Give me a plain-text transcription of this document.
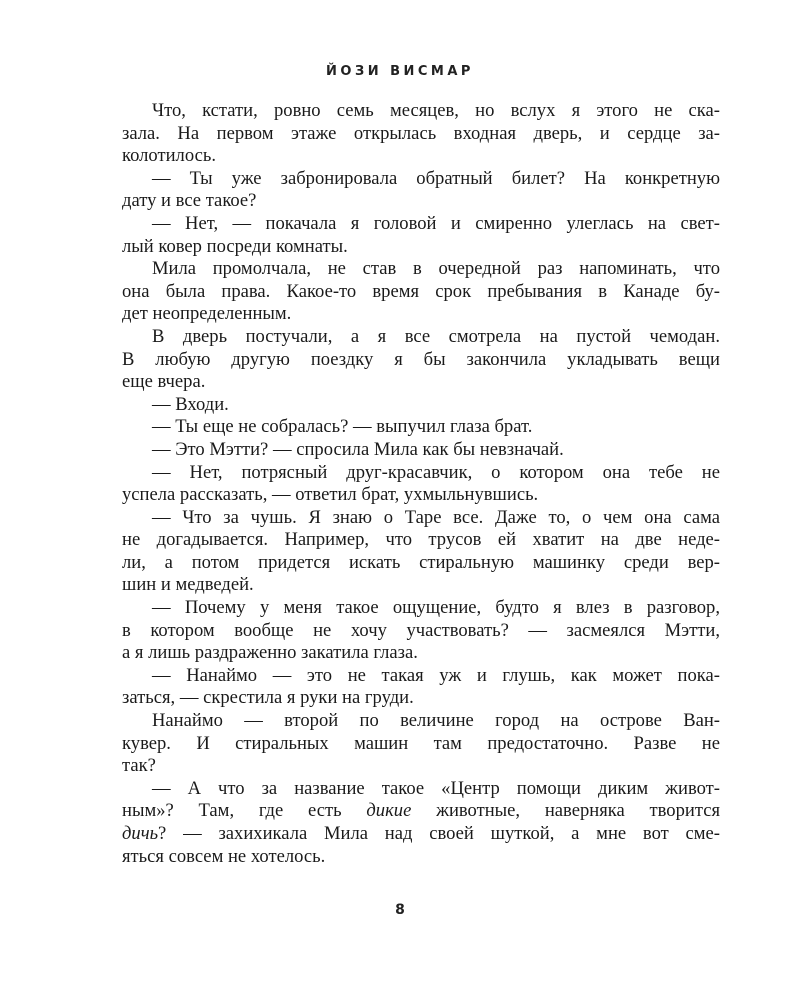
ЙОЗИ ВИСМАР
Что, кстати, ровно семь месяцев, но вслух я этого не ска-
зала. На первом этаже открылась входная дверь, и сердце за-
колотилось.
— Ты уже забронировала обратный билет? На конкретную
дату и все такое?
— Нет, — покачала я головой и смиренно улеглась на свет-
лый ковер посреди комнаты.
Мила промолчала, не став в очередной раз напоминать, что
она была права. Какое-то время срок пребывания в Канаде бу-
дет неопределенным.
В дверь постучали, а я все смотрела на пустой чемодан.
В любую другую поездку я бы закончила укладывать вещи
еще вчера.
— Входи.
— Ты еще не собралась? — выпучил глаза брат.
— Это Мэтти? — спросила Мила как бы невзначай.
— Нет, потрясный друг-красавчик, о котором она тебе не
успела рассказать, — ответил брат, ухмыльнувшись.
— Что за чушь. Я знаю о Таре все. Даже то, о чем она сама
не догадывается. Например, что трусов ей хватит на две неде-
ли, а потом придется искать стиральную машинку среди вер-
шин и медведей.
— Почему у меня такое ощущение, будто я влез в разговор,
в котором вообще не хочу участвовать? — засмеялся Мэтти,
а я лишь раздраженно закатила глаза.
— Нанаймо — это не такая уж и глушь, как может пока-
заться, — скрестила я руки на груди.
Нанаймо — второй по величине город на острове Ван-
кувер. И стиральных машин там предостаточно. Разве не
так?
— А что за название такое «Центр помощи диким живот-
ным»? Там, где есть дикие животные, наверняка творится
дичь? — захихикала Мила над своей шуткой, а мне вот сме-
яться совсем не хотелось.
8
